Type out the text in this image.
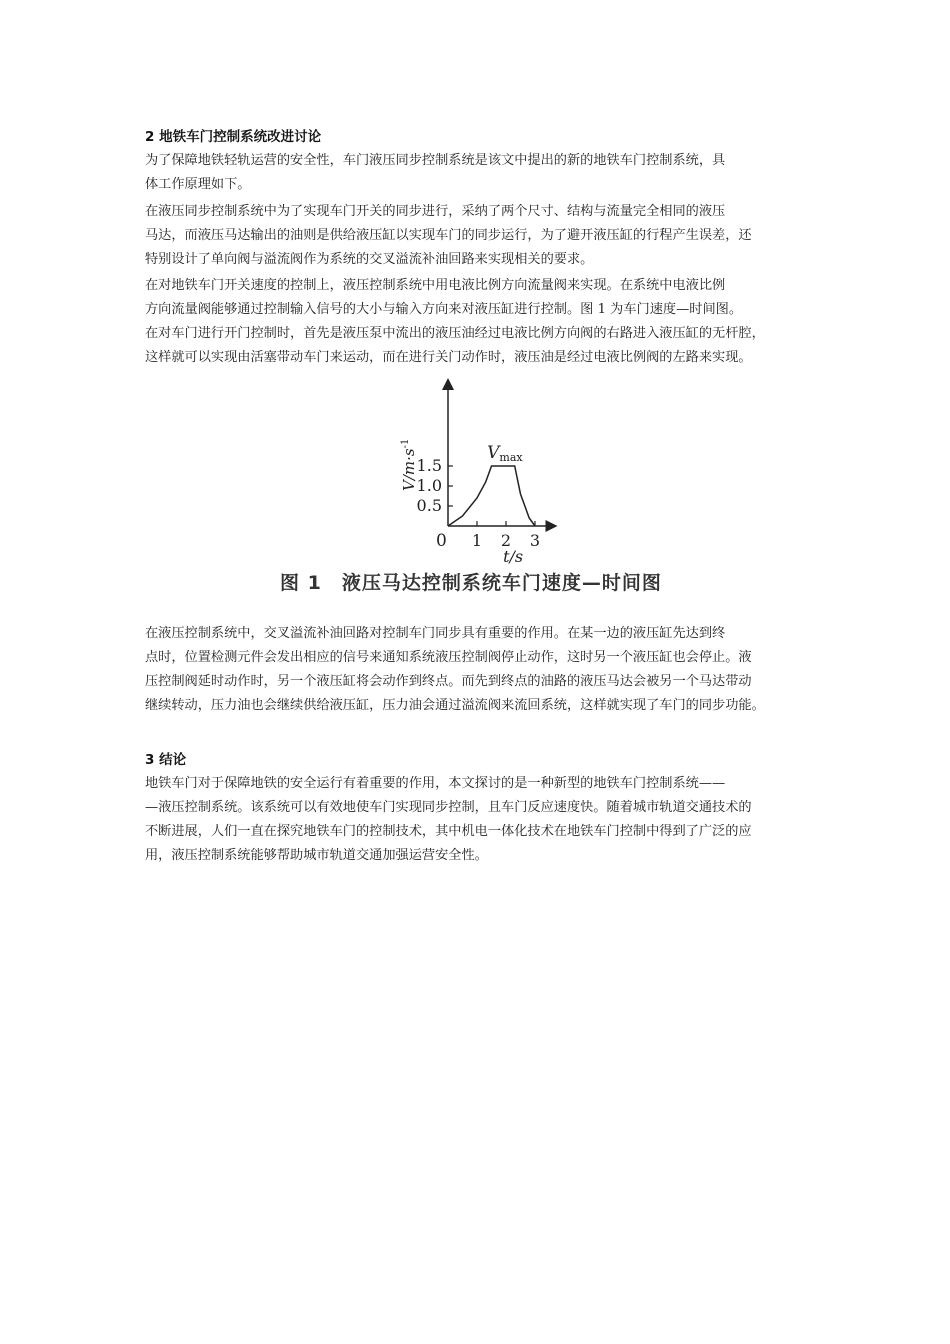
2 地铁车门控制系统改进讨论
为了保障地铁轻轨运营的安全性，车门液压同步控制系统是该文中提出的新的地铁车门控制系统，具
体工作原理如下。
在液压同步控制系统中为了实现车门开关的同步进行，采纳了两个尺寸、结构与流量完全相同的液压
马达，而液压马达输出的油则是供给液压缸以实现车门的同步运行，为了避开液压缸的行程产生误差，还
特别设计了单向阀与溢流阀作为系统的交叉溢流补油回路来实现相关的要求。
在对地铁车门开关速度的控制上，液压控制系统中用电液比例方向流量阀来实现。在系统中电液比例
方向流量阀能够通过控制输入信号的大小与输入方向来对液压缸进行控制。图 1 为车门速度—时间图。
在对车门进行开门控制时，首先是液压泵中流出的液压油经过电液比例方向阀的右路进入液压缸的无杆腔，
这样就可以实现由活塞带动车门来运动，而在进行关门动作时，液压油是经过电液比例阀的左路来实现。
1.5
1.0
0.5
1 2 3
0
Vmax
$V/m\cdot s^{-1}$
t/s
图 1 液压马达控制系统车门速度—时间图
在液压控制系统中，交叉溢流补油回路对控制车门同步具有重要的作用。在某一边的液压缸先达到终
点时，位置检测元件会发出相应的信号来通知系统液压控制阀停止动作，这时另一个液压缸也会停止。液
压控制阀延时动作时，另一个液压缸将会动作到终点。而先到终点的油路的液压马达会被另一个马达带动
继续转动，压力油也会继续供给液压缸，压力油会通过溢流阀来流回系统，这样就实现了车门的同步功能。
3 结论
地铁车门对于保障地铁的安全运行有着重要的作用，本文探讨的是一种新型的地铁车门控制系统——
—液压控制系统。该系统可以有效地使车门实现同步控制，且车门反应速度快。随着城市轨道交通技术的
不断进展，人们一直在探究地铁车门的控制技术，其中机电一体化技术在地铁车门控制中得到了广泛的应
用，液压控制系统能够帮助城市轨道交通加强运营安全性。
